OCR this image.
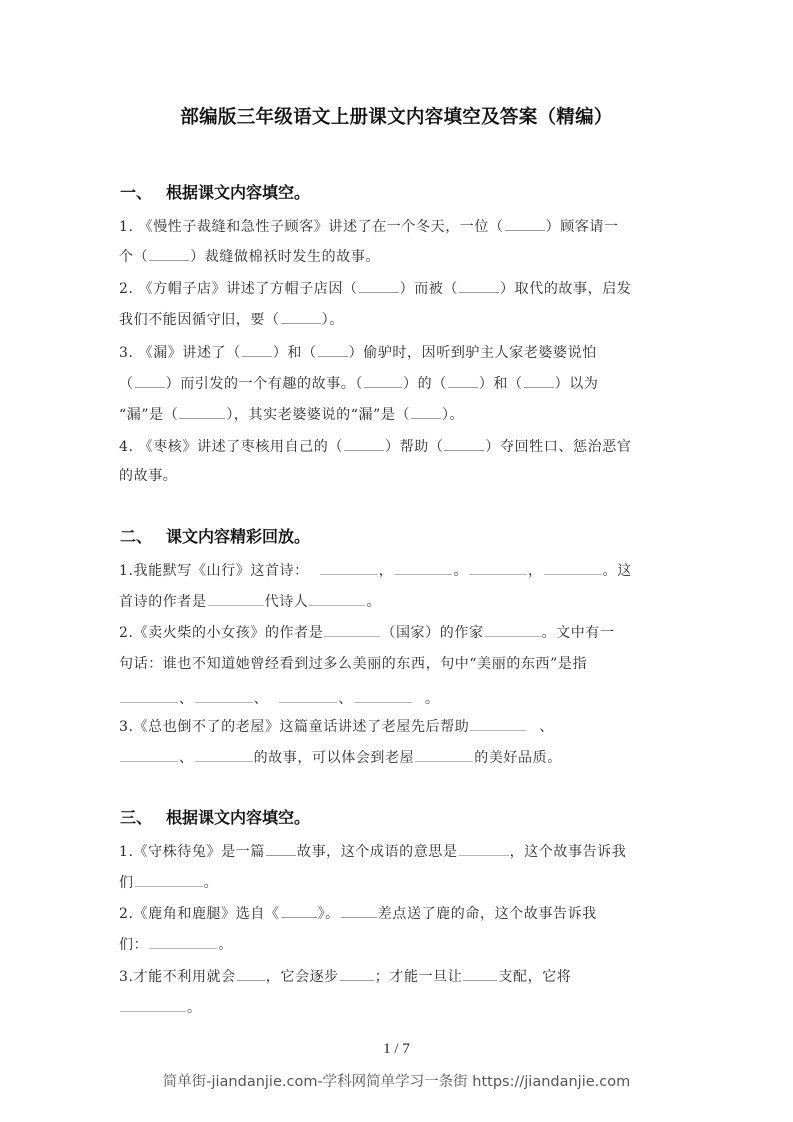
部编版三年级语文上册课文内容填空及答案（精编）
一、 根据课文内容填空。
1. 《慢性子裁缝和急性子顾客》讲述了在一个冬天，一位（	）顾客请一
个（	）裁缝做棉袄时发生的故事。
2. 《方帽子店》讲述了方帽子店因（	）而被（	）取代的故事，启发
我们不能因循守旧，要（	）。
3. 《漏》讲述了（ ）和（ ）偷驴时，因听到驴主人家老婆婆说怕
（ ）而引发的一个有趣的故事。（	）的（ ）和（ ）以为
“漏”是（	），其实老婆婆说的“漏”是（ ）。
4. 《枣核》讲述了枣核用自己的（	）帮助（	）夺回牲口、惩治恶官
的故事。
二、 课文内容精彩回放。
1.我能默写《山行》这首诗：	，	。	，	。这
首诗的作者是	代诗人	。
2.《卖火柴的小女孩》的作者是	（国家）的作家	。文中有一
句话：谁也不知道她曾经看到过多么美丽的东西，句中“美丽的东西”是指
、	、	、	。
3.《总也倒不了的老屋》这篇童话讲述了老屋先后帮助	、
、	的故事，可以体会到老屋	的美好品质。
三、 根据课文内容填空。
1.《守株待兔》是一篇 故事，这个成语的意思是	，这个故事告诉我
们	。
2.《鹿角和鹿腿》选自《	》。	差点送了鹿的命，这个故事告诉我
们：	。
3.才能不利用就会 ，它会逐步	；才能一旦让	支配，它将
。
1 / 7
简单街-jiandanjie.com-学科网简单学习一条街 https://jiandanjie.com
